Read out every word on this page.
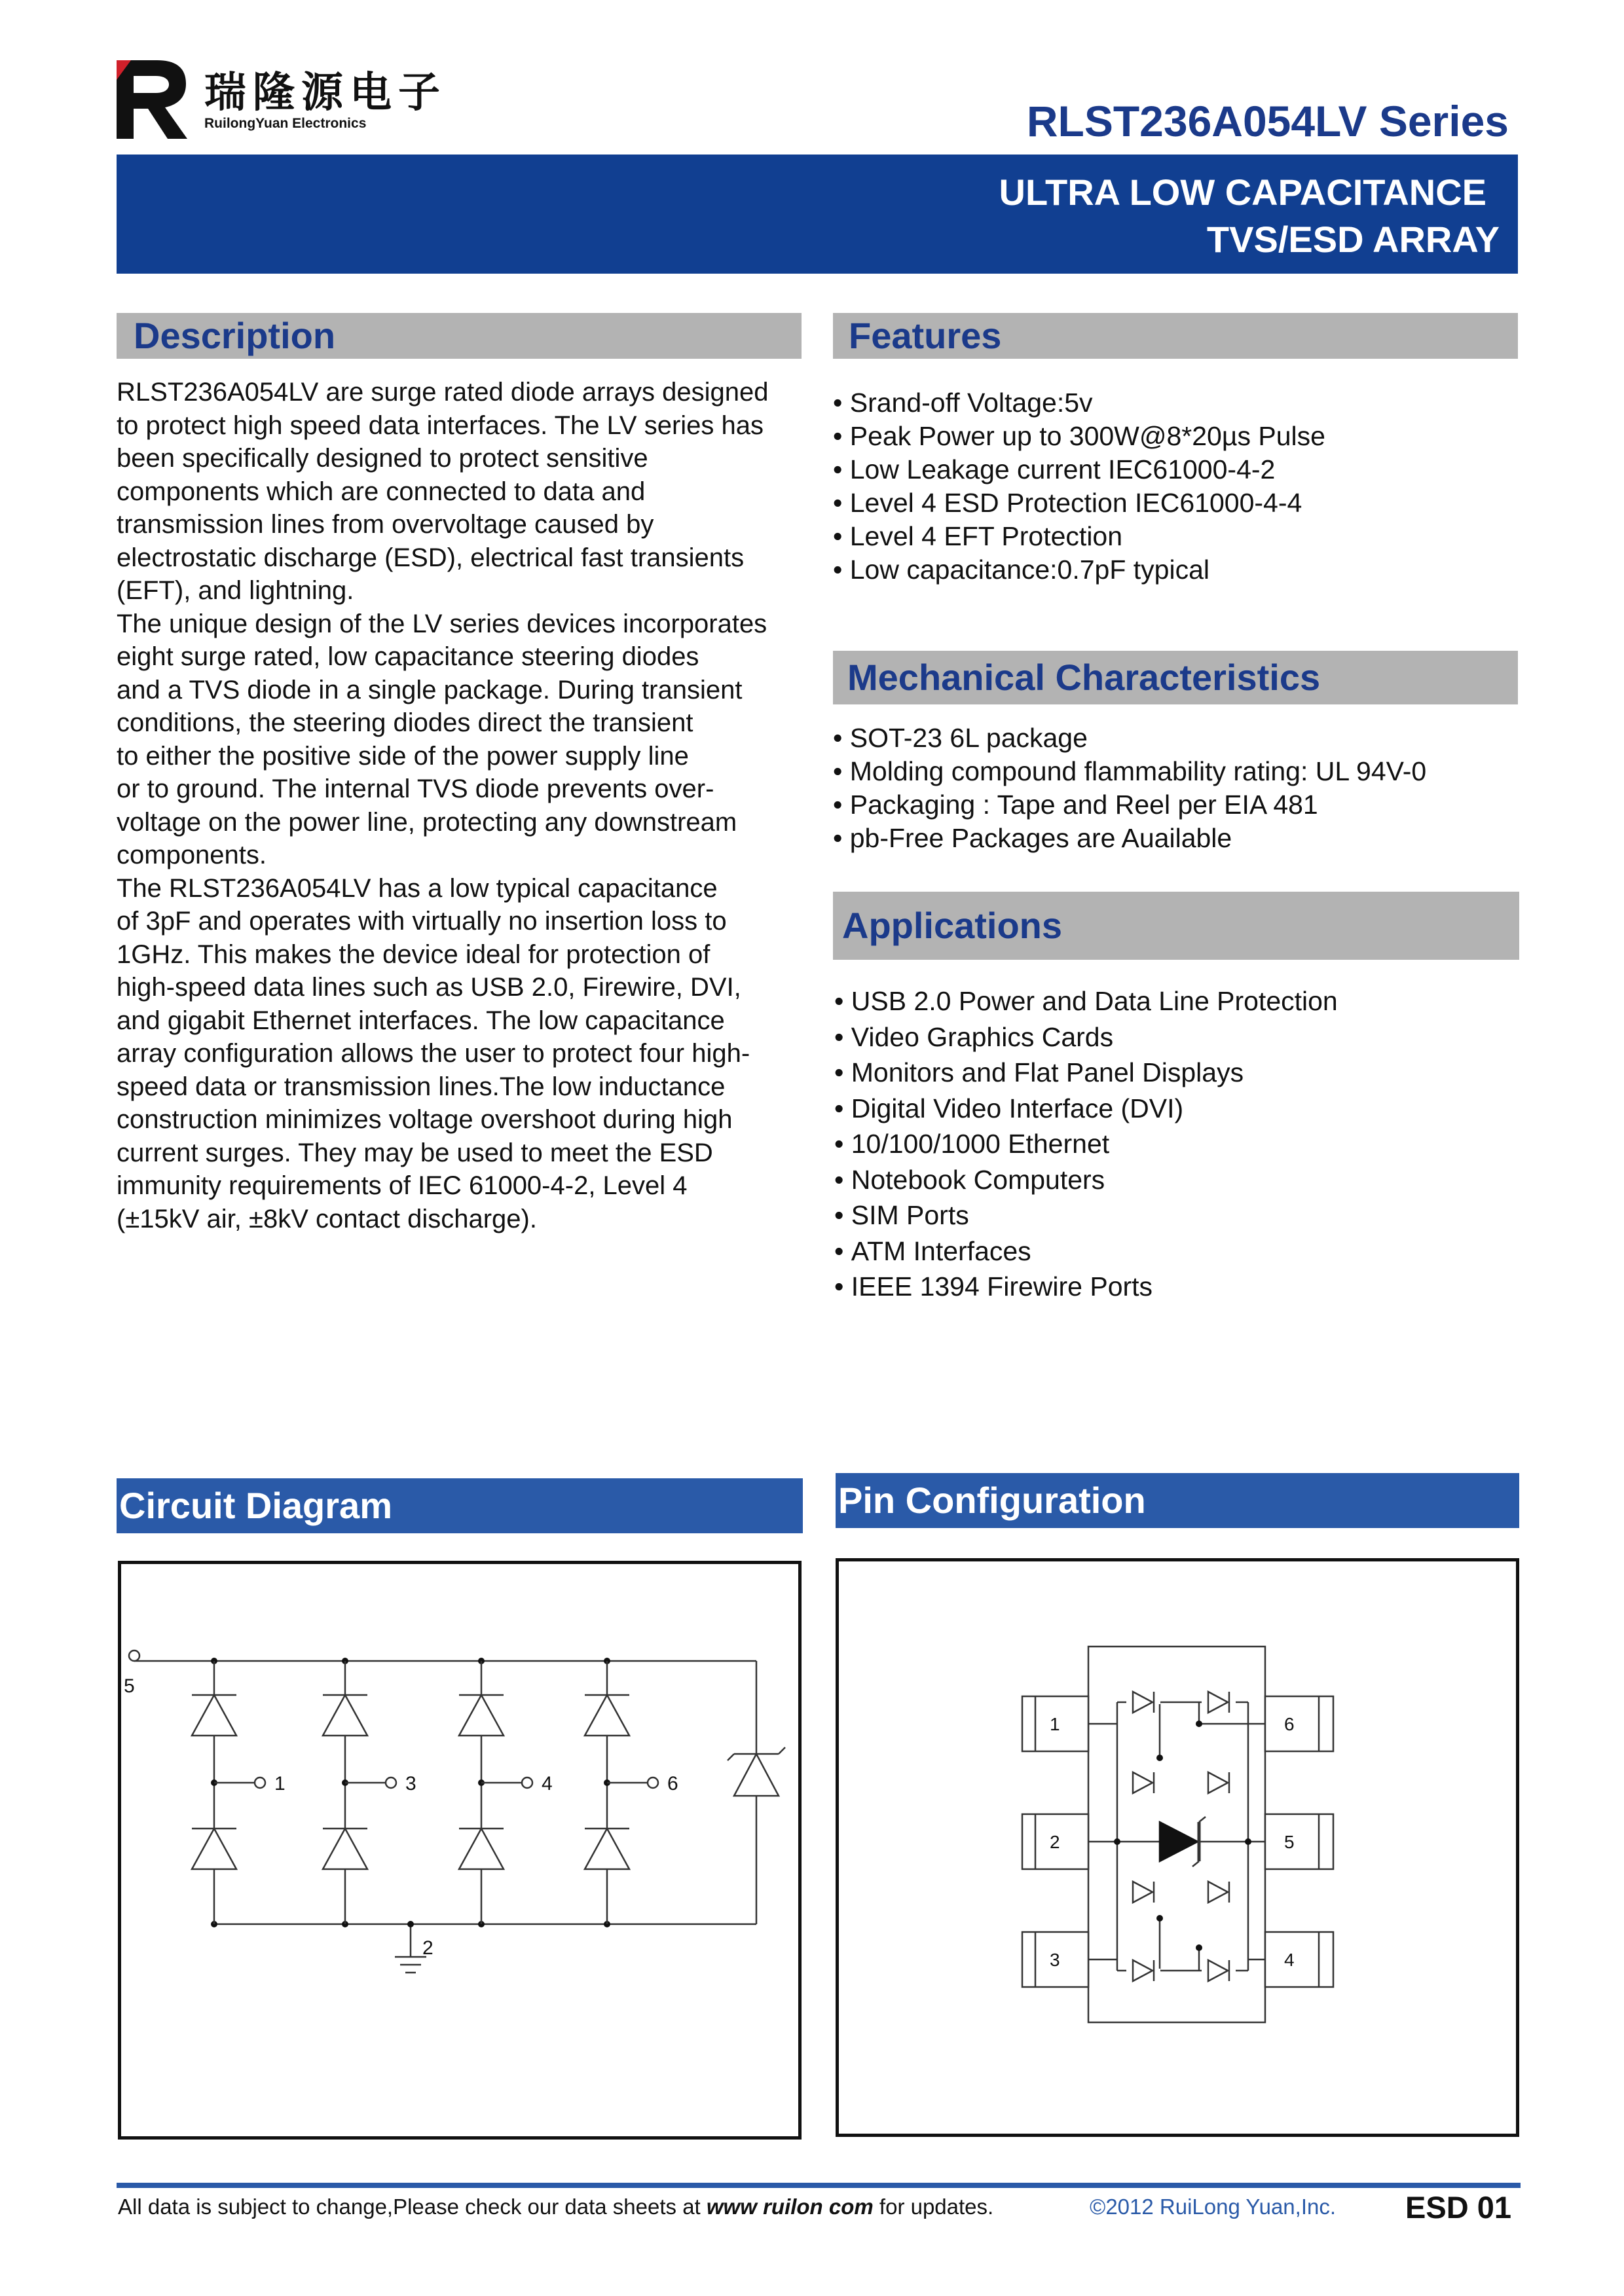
瑞隆源电子
RuilongYuan Electronics	RLST236A054LV Series
ULTRA LOW CAPACITANCE
TVS/ESD ARRAY
Description
RLST236A054LV are surge rated diode arrays designed
to protect high speed data interfaces. The LV series has
been specifically designed to protect sensitive
components which are connected to data and
transmission lines from overvoltage caused by
electrostatic discharge (ESD), electrical fast transients
(EFT), and lightning.
The unique design of the LV series devices incorporates
eight surge rated, low capacitance steering diodes
and a TVS diode in a single package. During transient
conditions, the steering diodes direct the transient
to either the positive side of the power supply line
or to ground. The internal TVS diode prevents over-
voltage on the power line, protecting any downstream
components.
The RLST236A054LV has a low typical capacitance
of 3pF and operates with virtually no insertion loss to
1GHz. This makes the device ideal for protection of
high-speed data lines such as USB 2.0, Firewire, DVI,
and gigabit Ethernet interfaces. The low capacitance
array configuration allows the user to protect four high-
speed data or transmission lines.The low inductance
construction minimizes voltage overshoot during high
current surges. They may be used to meet the ESD
immunity requirements of IEC 61000-4-2, Level 4
(±15kV air, ±8kV contact discharge).
Features
• Srand-off Voltage:5v
• Peak Power up to 300W@8*20µs Pulse
• Low Leakage current IEC61000-4-2
• Level 4 ESD Protection IEC61000-4-4
• Level 4 EFT Protection
• Low capacitance:0.7pF typical
Mechanical Characteristics
• SOT-23 6L package
• Molding compound flammability rating: UL 94V-0
• Packaging : Tape and Reel per EIA 481
• pb-Free Packages are Auailable
Applications
• USB 2.0 Power and Data Line Protection
• Video Graphics Cards
• Monitors and Flat Panel Displays
• Digital Video Interface (DVI)
• 10/100/1000 Ethernet
• Notebook Computers
• SIM Ports
• ATM Interfaces
• IEEE 1394 Firewire Ports
Circuit Diagram
5
2
1	3	4	6
Pin Configuration
1	6
2	5
3	4
All data is subject to change,Please check our data sheets at www ruilon com for updates.	©2012 RuiLong Yuan,Inc. ESD 01
